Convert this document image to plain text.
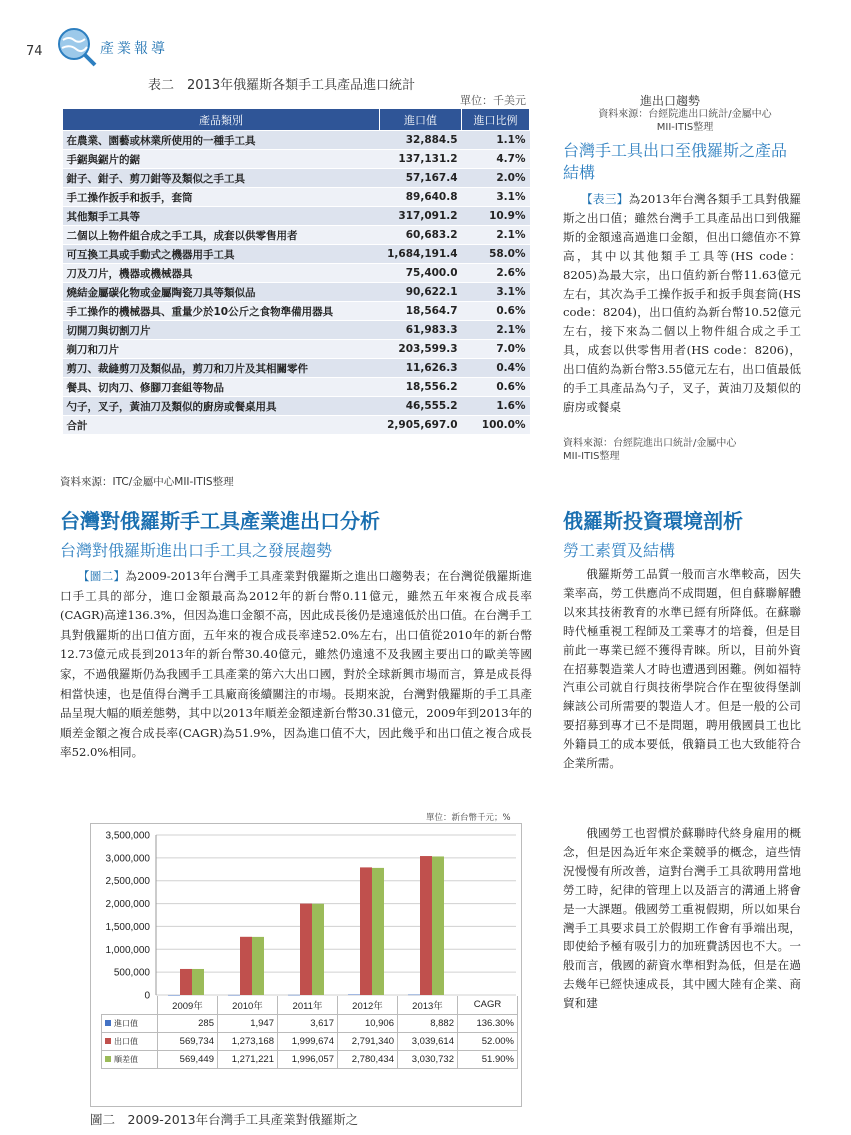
74	產業報導
表二　2013年俄羅斯各類手工具產品進口統計
單位：千美元
產品類別	進口值	進口比例
在農業、園藝或林業所使用的一種手工具	32,884.5	1.1%
手鋸與鋸片的鋸	137,131.2	4.7%
鉗子、鉗子、剪刀鉗等及類似之手工具	57,167.4	2.0%
手工操作扳手和扳手，套筒	89,640.8	3.1%
其他類手工具等	317,091.2	10.9%
二個以上物件組合成之手工具，成套以供零售用者	60,683.2	2.1%
可互換工具或手動式之機器用手工具	1,684,191.4	58.0%
刀及刀片，機器或機械器具	75,400.0	2.6%
燒結金屬碳化物或金屬陶瓷刀具等類似品	90,622.1	3.1%
手工操作的機械器具、重量少於10公斤之食物準備用器具	18,564.7	0.6%
切開刀與切割刀片	61,983.3	2.1%
剃刀和刀片	203,599.3	7.0%
剪刀、裁縫剪刀及類似品，剪刀和刀片及其相關零件	11,626.3	0.4%
餐具、切肉刀、修腳刀套組等物品	18,556.2	0.6%
勺子，叉子，黃油刀及類似的廚房或餐桌用具	46,555.2	1.6%
合計	2,905,697.0	100.0%
資料來源：ITC/金屬中心MII-ITIS整理
台灣對俄羅斯手工具產業進出口分析
台灣對俄羅斯進出口手工具之發展趨勢
　　【圖二】為2009-2013年台灣手工具產業對俄羅斯之進出口趨勢表；在台灣從俄羅斯進口手工具的部分，進口金額最高為2012年的新台幣0.11億元，雖然五年來複合成長率(CAGR)高達136.3%，但因為進口金額不高，因此成長後仍是遠遠低於出口值。在台灣手工具對俄羅斯的出口值方面，五年來的複合成長率達52.0%左右，出口值從2010年的新台幣12.73億元成長到2013年的新台幣30.40億元，雖然仍遠遠不及我國主要出口的歐美等國家，不過俄羅斯仍為我國手工具產業的第六大出口國，對於全球新興市場而言，算是成長得相當快速，也是值得台灣手工具廠商後續關注的市場。長期來說，台灣對俄羅斯的手工具產品呈現大幅的順差態勢，其中以2013年順差金額達新台幣30.31億元，2009年到2013年的順差金額之複合成長率(CAGR)為51.9%，因為進口值不大，因此幾乎和出口值之複合成長率52.0%相同。
單位：新台幣千元；%
3,500,000
3,000,000
2,500,000
2,000,000
1,500,000
1,000,000
500,000
0
	2009年	2010年	2011年	2012年	2013年	CAGR
進口值	285	1,947	3,617	10,906	8,882	136.30%
出口值	569,734	1,273,168	1,999,674	2,791,340	3,039,614	52.00%
順差值	569,449	1,271,221	1,996,057	2,780,434	3,030,732	51.90%
圖二　2009-2013年台灣手工具產業對俄羅斯之
進出口趨勢
資料來源：台經院進出口統計/金屬中心
MII-ITIS整理
台灣手工具出口至俄羅斯之產品結構
　　【表三】為2013年台灣各類手工具對俄羅斯之出口值；雖然台灣手工具產品出口到俄羅斯的金額遠高過進口金額，但出口總值亦不算高，其中以其他類手工具等(HS code：8205)為最大宗，出口值約新台幣11.63億元左右，其次為手工操作扳手和扳手與套筒(HS code：8204)，出口值約為新台幣10.52億元左右，接下來為二個以上物件組合成之手工具，成套以供零售用者(HS code：8206)，出口值約為新台幣3.55億元左右，出口值最低的手工具產品為勺子，叉子，黃油刀及類似的廚房或餐桌
資料來源：台經院進出口統計/金屬中心
MII-ITIS整理
俄羅斯投資環境剖析
勞工素質及結構
俄羅斯勞工品質一般而言水準較高，因失業率高，勞工供應尚不成問題，但自蘇聯解體以來其技術教育的水準已經有所降低。在蘇聯時代極重視工程師及工業專才的培養，但是目前此一專業已經不獲得青睞。所以，目前外資在招募製造業人才時也遭遇到困難。例如福特汽車公司就自行與技術學院合作在聖彼得堡訓練該公司所需要的製造人才。但是一般的公司要招募到專才已不是問題，聘用俄國員工也比外籍員工的成本要低，俄籍員工也大致能符合企業所需。
俄國勞工也習慣於蘇聯時代終身雇用的概念，但是因為近年來企業競爭的概念，這些情況慢慢有所改善，這對台灣手工具欲聘用當地勞工時，紀律的管理上以及語言的溝通上將會是一大課題。俄國勞工重視假期，所以如果台灣手工具要求員工於假期工作會有爭端出現，即使給予極有吸引力的加班費誘因也不大。一般而言，俄國的薪資水準相對為低，但是在過去幾年已經快速成長，其中國大陸有企業、商貿和建
